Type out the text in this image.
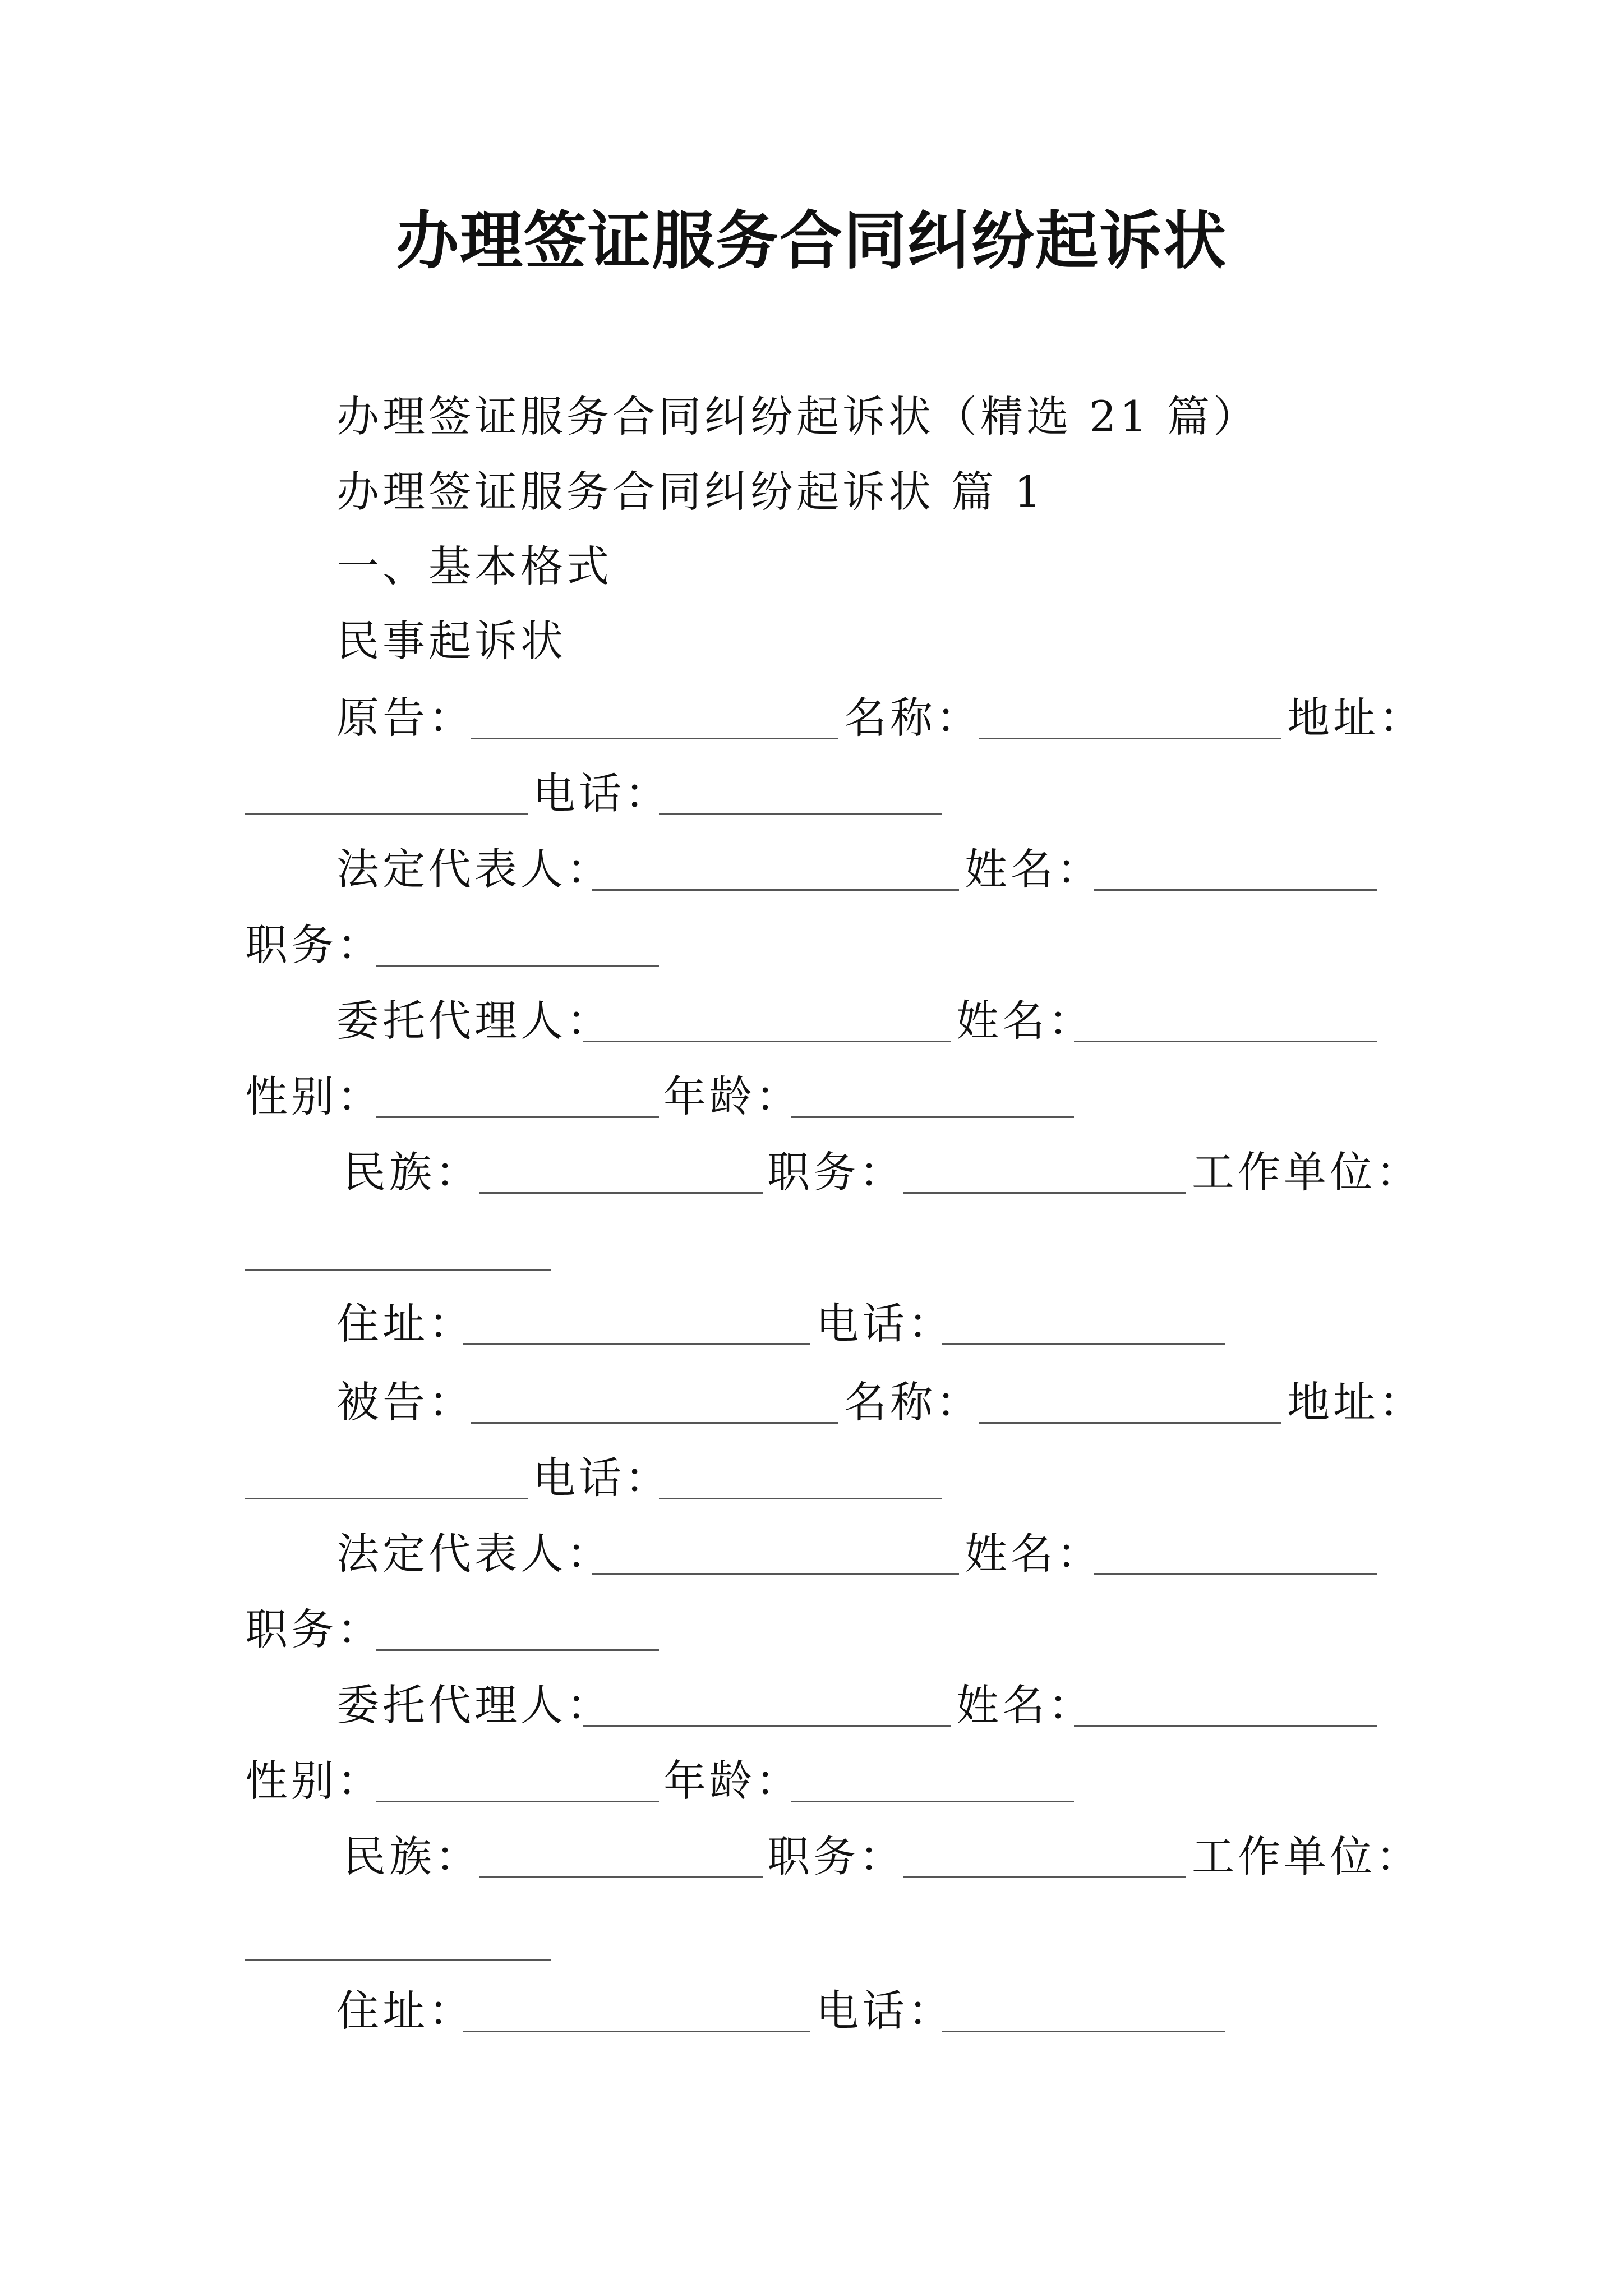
办理签证服务合同纠纷起诉状
办理签证服务合同纠纷起诉状（精选 21 篇）
办理签证服务合同纠纷起诉状 篇 1
一、基本格式
民事起诉状
原告：	名称：	地址：
电话：
法定代表人：	姓名：
职务：
委托代理人：	姓名：
性别：	年龄：
民族：	职务：	工作单位：
住址：	电话：
被告：	名称：	地址：
电话：
法定代表人：	姓名：
职务：
委托代理人：	姓名：
性别：	年龄：
民族：	职务：	工作单位：
住址：	电话：
